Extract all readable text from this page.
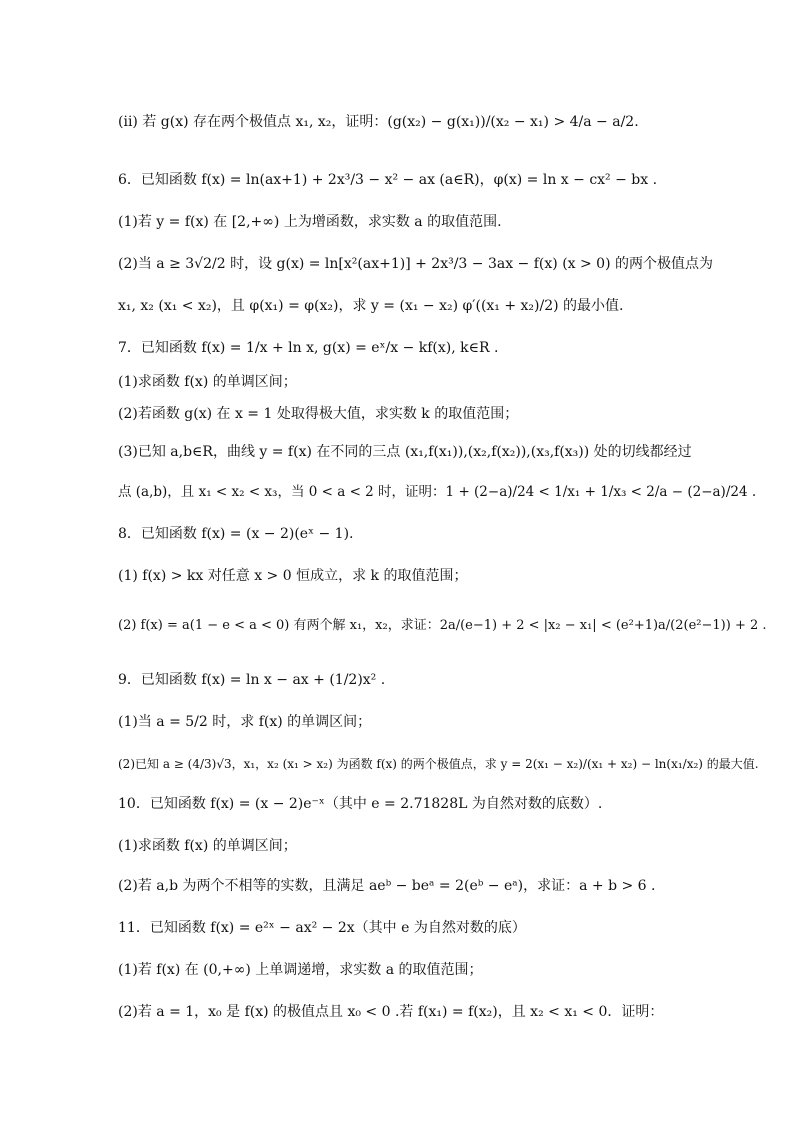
(ⅱ) 若 g(x) 存在两个极值点 x₁, x₂，证明：(g(x₂) − g(x₁))/(x₂ − x₁) > 4/a − a/2.
6．已知函数 f(x) = ln(ax+1) + 2x³/3 − x² − ax (a∈R)，φ(x) = ln x − cx² − bx .
(1)若 y = f(x) 在 [2,+∞) 上为增函数，求实数 a 的取值范围.
(2)当 a ≥ 3√2/2 时，设 g(x) = ln[x²(ax+1)] + 2x³/3 − 3ax − f(x) (x > 0) 的两个极值点为
x₁, x₂ (x₁ < x₂)，且 φ(x₁) = φ(x₂)，求 y = (x₁ − x₂) φ′((x₁ + x₂)/2) 的最小值.
7．已知函数 f(x) = 1/x + ln x, g(x) = eˣ/x − kf(x), k∈R .
(1)求函数 f(x) 的单调区间；
(2)若函数 g(x) 在 x = 1 处取得极大值，求实数 k 的取值范围；
(3)已知 a,b∈R，曲线 y = f(x) 在不同的三点 (x₁,f(x₁)),(x₂,f(x₂)),(x₃,f(x₃)) 处的切线都经过
点 (a,b)，且 x₁ < x₂ < x₃，当 0 < a < 2 时，证明：1 + (2−a)/24 < 1/x₁ + 1/x₃ < 2/a − (2−a)/24 .
8．已知函数 f(x) = (x − 2)(eˣ − 1).
(1) f(x) > kx 对任意 x > 0 恒成立，求 k 的取值范围；
(2) f(x) = a(1 − e < a < 0) 有两个解 x₁，x₂，求证：2a/(e−1) + 2 < |x₂ − x₁| < (e²+1)a/(2(e²−1)) + 2 .
9．已知函数 f(x) = ln x − ax + (1/2)x² .
(1)当 a = 5/2 时，求 f(x) 的单调区间；
(2)已知 a ≥ (4/3)√3，x₁，x₂ (x₁ > x₂) 为函数 f(x) 的两个极值点，求 y = 2(x₁ − x₂)/(x₁ + x₂) − ln(x₁/x₂) 的最大值.
10．已知函数 f(x) = (x − 2)e⁻ˣ（其中 e = 2.71828L 为自然对数的底数）.
(1)求函数 f(x) 的单调区间；
(2)若 a,b 为两个不相等的实数，且满足 aeᵇ − beᵃ = 2(eᵇ − eᵃ)，求证：a + b > 6 .
11．已知函数 f(x) = e²ˣ − ax² − 2x（其中 e 为自然对数的底）
(1)若 f(x) 在 (0,+∞) 上单调递增，求实数 a 的取值范围；
(2)若 a = 1，x₀ 是 f(x) 的极值点且 x₀ < 0 .若 f(x₁) = f(x₂)，且 x₂ < x₁ < 0．证明：
